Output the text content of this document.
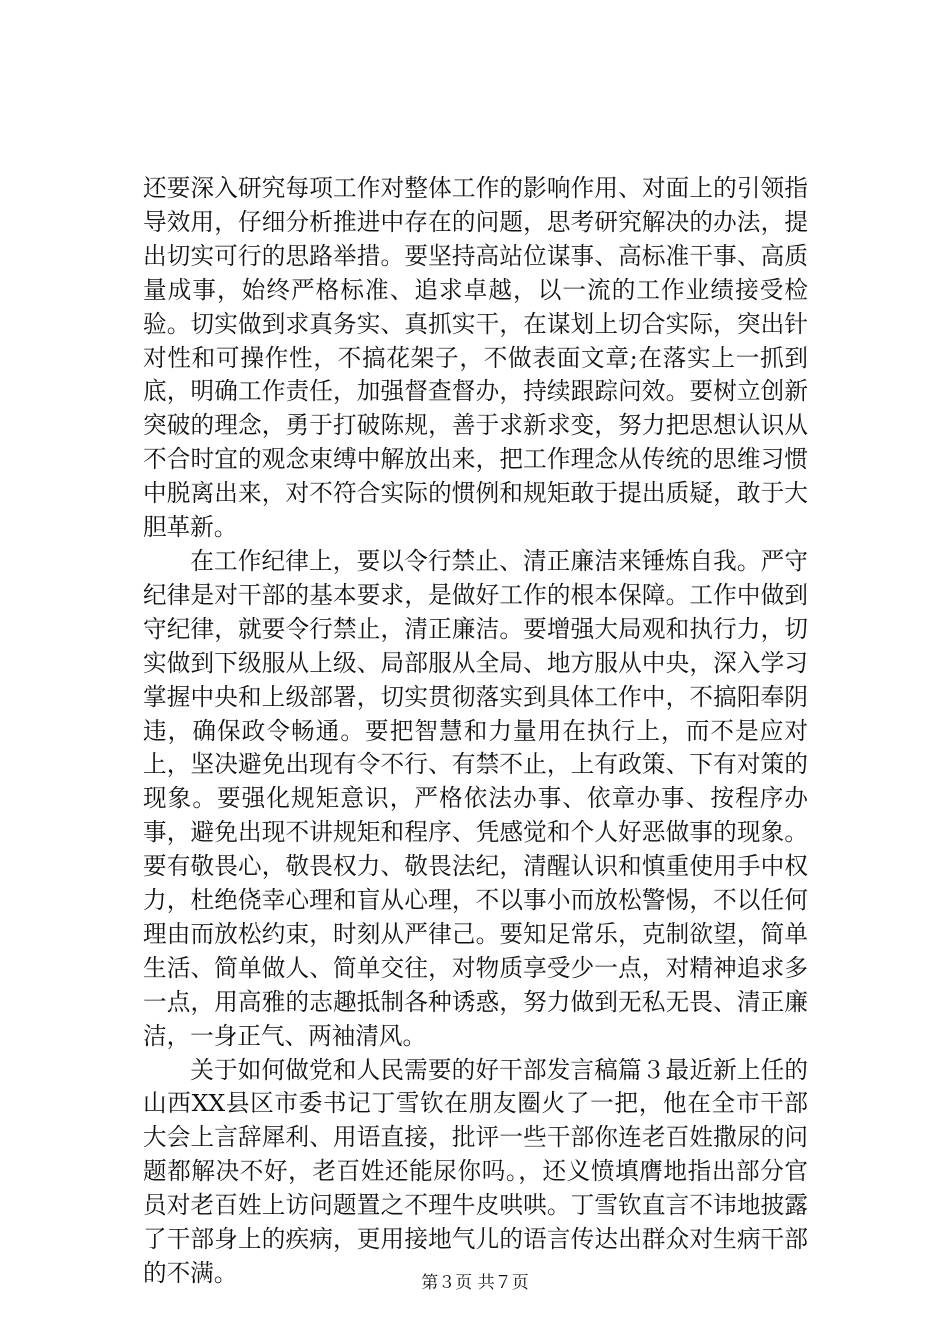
还要深入研究每项工作对整体工作的影响作用、对面上的引领指导效用，仔细分析推进中存在的问题，思考研究解决的办法，提出切实可行的思路举措。要坚持高站位谋事、高标准干事、高质量成事，始终严格标准、追求卓越，以一流的工作业绩接受检验。切实做到求真务实、真抓实干，在谋划上切合实际，突出针对性和可操作性，不搞花架子，不做表面文章;在落实上一抓到底，明确工作责任，加强督查督办，持续跟踪问效。要树立创新突破的理念，勇于打破陈规，善于求新求变，努力把思想认识从不合时宜的观念束缚中解放出来，把工作理念从传统的思维习惯中脱离出来，对不符合实际的惯例和规矩敢于提出质疑，敢于大胆革新。

在工作纪律上，要以令行禁止、清正廉洁来锤炼自我。严守纪律是对干部的基本要求，是做好工作的根本保障。工作中做到守纪律，就要令行禁止，清正廉洁。要增强大局观和执行力，切实做到下级服从上级、局部服从全局、地方服从中央，深入学习掌握中央和上级部署，切实贯彻落实到具体工作中，不搞阳奉阴违，确保政令畅通。要把智慧和力量用在执行上，而不是应对上，坚决避免出现有令不行、有禁不止，上有政策、下有对策的现象。要强化规矩意识，严格依法办事、依章办事、按程序办事，避免出现不讲规矩和程序、凭感觉和个人好恶做事的现象。要有敬畏心，敬畏权力、敬畏法纪，清醒认识和慎重使用手中权力，杜绝侥幸心理和盲从心理，不以事小而放松警惕，不以任何理由而放松约束，时刻从严律己。要知足常乐，克制欲望，简单生活、简单做人、简单交往，对物质享受少一点，对精神追求多一点，用高雅的志趣抵制各种诱惑，努力做到无私无畏、清正廉洁，一身正气、两袖清风。

关于如何做党和人民需要的好干部发言稿篇３最近新上任的山西XX县区市委书记丁雪钦在朋友圈火了一把，他在全市干部大会上言辞犀利、用语直接，批评一些干部你连老百姓撒尿的问题都解决不好，老百姓还能尿你吗。，还义愤填膺地指出部分官员对老百姓上访问题置之不理牛皮哄哄。丁雪钦直言不讳地披露了干部身上的疾病，更用接地气儿的语言传达出群众对生病干部的不满。	第３页 共７页
